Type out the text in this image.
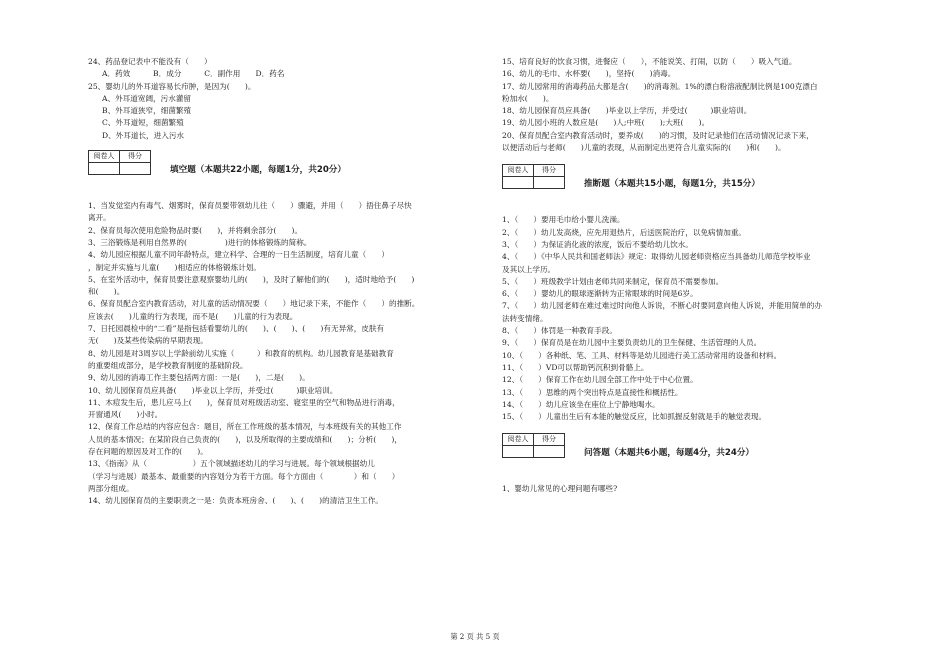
24、药品登记表中不能没有（　　）
A．药效　　　B．成分　　　C．副作用　　D．药名
25、婴幼儿的外耳道容易长疖肿，是因为(　　)。
A、外耳道宽阔，污水灌留
B、外耳道狭窄，细菌繁殖
C、外耳道短，细菌繁殖
D、外耳道长，进入污水
阅卷人	得分

填空题（本题共22小题，每题1分，共20分）
1、当发觉室内有毒气、烟雾时，保育员要带领幼儿往（　　）骤避，并用（　　）捂住鼻子尽快
离开。
2、保育员每次使用危险物品时要(　　)，并将剩余部分(　　)。
3、三浴锻炼是利用自然界的(　　　　　)进行的体格锻炼的简称。
4、幼儿园应根据儿童不同年龄特点，建立科学、合理的一日生活制度，培育儿童（　　）
，制定并实施与儿童(　　)相适应的体格锻炼计划。
5、在室外活动中，保育员要注意观察婴幼儿的(　　)，及时了解他们的(　　)，适时地给予(　　)
和(　　)。
6、保育员配合室内教育活动，对儿童的活动情况要（　　）地记录下来，不能作（　　）的推断。
应该去(　　)儿童的行为表现，而不是(　　)儿童的行为表现。
7、日托园晨检中的“二看”是指包括看婴幼儿的(　　)、(　　)、(　　)有无异常，皮肤有
无(　　)及某些传染病的早期表现。
8、幼儿园是对3周岁以上学龄前幼儿实施（　　　）和教育的机构。幼儿园教育是基础教育
的重要组成部分，是学校教育制度的基础阶段。
9、幼儿园的消毒工作主要包括两方面：一是(　　)，二是(　　)。
10、幼儿园保育员应具备(　　)毕业以上学历，并受过(　　　)职业培训。
11、木痘发生后，患儿应马上(　　)，保育员对班级活动室、寝室里的空气和物品进行消毒，
开窗通风(　　)小时。
12、保育工作总结的内容应包含：题目，所在工作班级的基本情况，与本班级有关的其他工作
人员的基本情况；在某阶段自己负责的(　　)，以及所取得的主要成绩和(　　)；分析(　　)，
存在问题的原因及对工作的(　　)。
13、《指南》从（　　　　　　）五个领域描述幼儿的学习与进展。每个领域根据幼儿
（学习与进展）最基本、最重要的内容划分为若干方面。每个方面由（　　　　）和（　　）
两部分组成。
14、幼儿园保育员的主要职责之一是：负责本班房舍、(　　)、(　　)的清洁卫生工作。
15、培育良好的饮食习惯，进餐应（　　），不能说笑、打闹，以防（　　）吸入气道。
16、幼儿的毛巾、水杯要(　　)，坚持(　　)消毒。
17、幼儿园常用的消毒药品大都是含(　　)的消毒剂。1%的漂白粉溶液配制比例是100克漂白
粉加水(　　)。
18、幼儿园保育员应具备(　　)毕业以上学历，并受过(　　　)职业培训。
19、幼儿园小班的人数应是(　　)人;中班(　　);大班(　　)。
20、保育员配合室内教育活动时，要养成(　　)的习惯，及时记录他们在活动情况记录下来，
以便活动后与老师(　　)儿童的表现，从而制定出更符合儿童实际的(　　)和(　　)。
阅卷人	得分

推断题（本题共15小题，每题1分，共15分）
1、（　　）要用毛巾给小婴儿洗澡。
2、（　　）幼儿发高烧，应先用退热片，后送医院治疗，以免病情加重。
3、（　　）为保证消化液的浓度，饭后不要给幼儿饮水。
4、（　　）《中华人民共和国老师法》规定：取得幼儿园老师资格应当具备幼儿师范学校毕业
及其以上学历。
5、（　　）班级教学计划由老师共同来制定，保育员不需要参加。
6、（　　）婴幼儿的眼球逐渐转为正常眼球的时间是6岁。
7、（　　）幼儿园老师在难过难过时向他人诉说，不断心时要同意向他人诉说，并能用简单的办
法转变情绪。
8、（　　）体罚是一种教育手段。
9、（　　）保育员是在幼儿园中主要负责幼儿的卫生保健、生活管理的人员。
10、（　　）各种纸、笔、工具、材料等是幼儿园进行美工活动常用的设备和材料。
11、（　　）VD可以帮助钙沉积到骨骼上。
12、（　　）保育工作在幼儿园全部工作中处于中心位置。
13、（　　）思维的两个突出特点是直接性和概括性。
14、（　　）幼儿应该坐在座位上宁静地喝水。
15、（　　）儿童出生后有本能的触觉反应，比如抓握反射就是手的触觉表现。
阅卷人	得分

问答题（本题共6小题，每题4分，共24分）
1、婴幼儿常见的心理问题有哪些?
第 2 页 共 5 页
